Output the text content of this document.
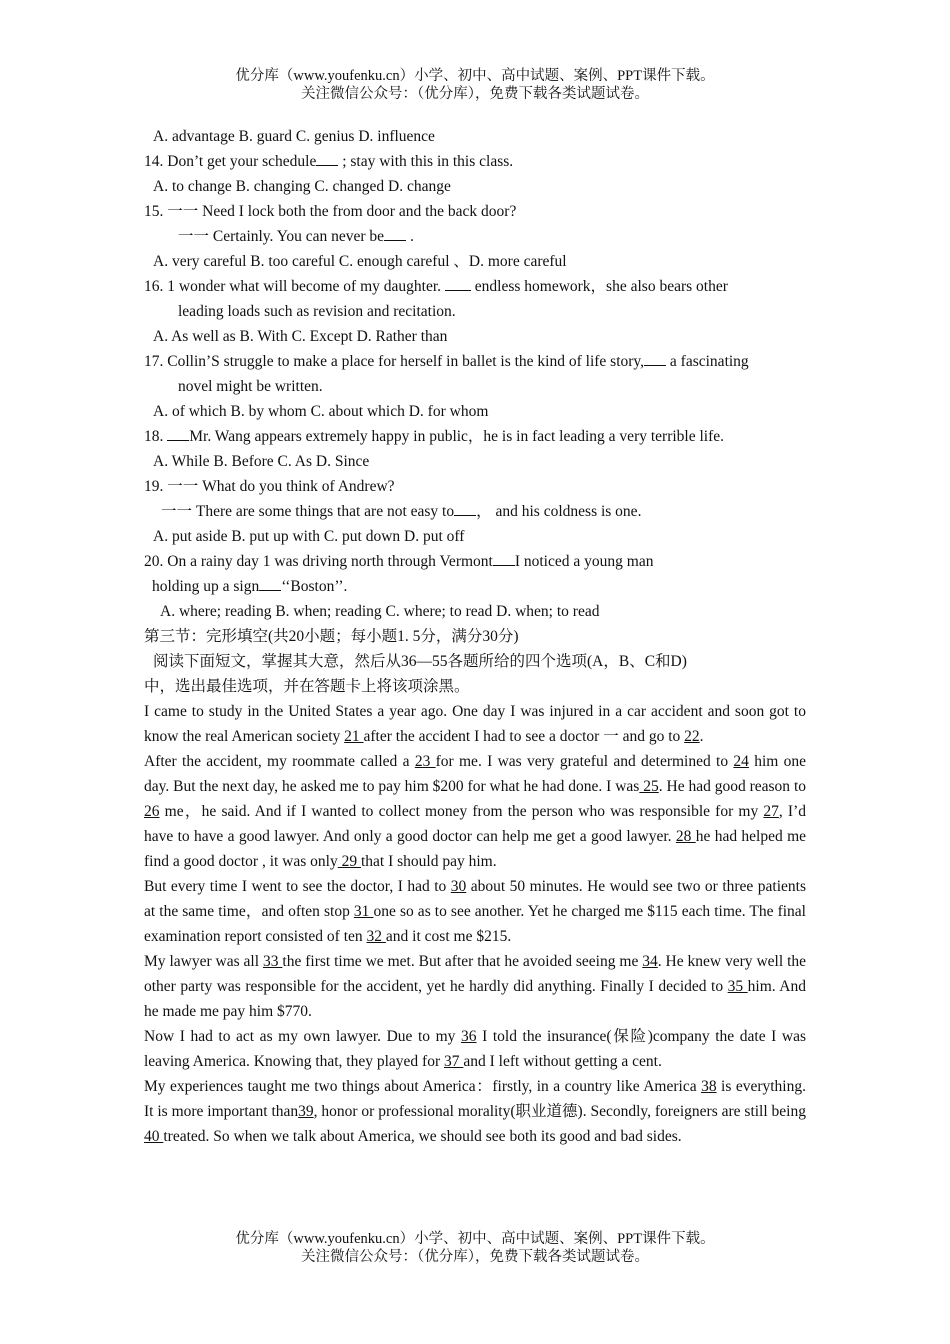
优分库（www.youfenku.cn）小学、初中、高中试题、案例、PPT课件下载。
关注微信公众号：（优分库），免费下载各类试题试卷。
A. advantage B. guard C. genius D. influence
14. Don’t get your schedule ; stay with this in this class.
A. to change B. changing C. changed D. change
15. 一一 Need I lock both the from door and the back door?
一一 Certainly. You can never be .
A. very careful B. too careful C. enough careful 、D. more careful
16. 1 wonder what will become of my daughter.  endless homework，she also bears other
leading loads such as revision and recitation.
A. As well as B. With C. Except D. Rather than
17. Collin’S struggle to make a place for herself in ballet is the kind of life story, a fascinating
novel might be written.
A. of which B. by whom C. about which D. for whom
18. Mr. Wang appears extremely happy in public，he is in fact leading a very terrible life.
A. While B. Before C. As D. Since
19. 一一 What do you think of Andrew?
一一 There are some things that are not easy to ， and his coldness is one.
A. put aside B. put up with C. put down D. put off
20. On a rainy day 1 was driving north through Vermont I noticed a young man
holding up a sign ‘‘Boston’’.
A. where; reading B. when; reading C. where; to read D. when; to read
第三节：完形填空(共20小题；每小题1. 5分，满分30分)
阅读下面短文，掌握其大意，然后从36—55各题所给的四个选项(A，B、C和D)
中，选出最佳选项，并在答题卡上将该项涂黑。

I came to study in the United States a year ago. One day I was injured in a car accident and soon got to know the real American society 21 after the accident I had to see a doctor 一 and go to 22.

After the accident, my roommate called a 23 for me. I was very grateful and determined to 24 him one day. But the next day, he asked me to pay him $200 for what he had done. I was 25. He had good reason to 26 me，he said. And if I wanted to collect money from the person who was responsible for my 27, I’d have to have a good lawyer. And only a good doctor can help me get a good lawyer. 28 he had helped me find a good doctor , it was only 29 that I should pay him.

But every time I went to see the doctor, I had to 30 about 50 minutes. He would see two or three patients at the same time，and often stop 31 one so as to see another. Yet he charged me $115 each time. The final examination report consisted of ten 32 and it cost me $215.

My lawyer was all 33 the first time we met. But after that he avoided seeing me 34. He knew very well the other party was responsible for the accident, yet he hardly did anything. Finally I decided to 35 him. And he made me pay him $770.

Now I had to act as my own lawyer. Due to my 36 I told the insurance(保险)company the date I was leaving America. Knowing that, they played for 37 and I left without getting a cent.

My experiences taught me two things about America：firstly, in a country like America 38 is everything. It is more important than39, honor or professional morality(职业道德). Secondly, foreigners are still being 40 treated. So when we talk about America, we should see both its good and bad sides.

优分库（www.youfenku.cn）小学、初中、高中试题、案例、PPT课件下载。
关注微信公众号：（优分库），免费下载各类试题试卷。
